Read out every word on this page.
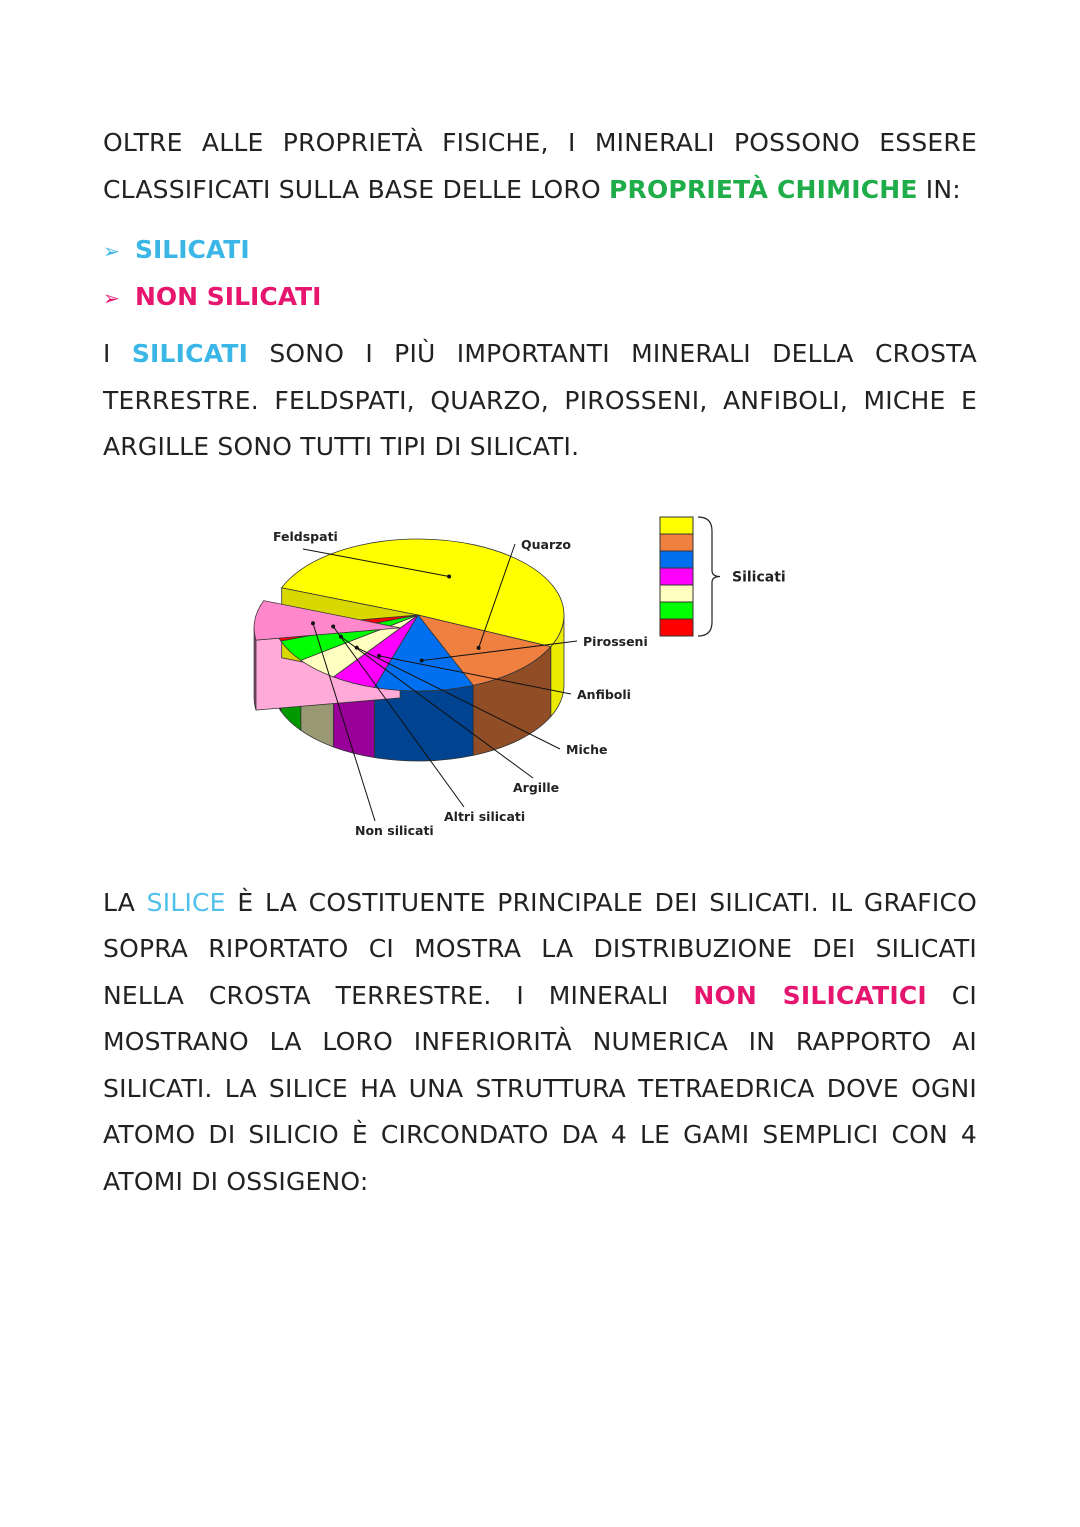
OLTRE ALLE PROPRIETÀ FISICHE, I MINERALI POSSONO ESSERE CLASSIFICATI SULLA BASE DELLE LORO PROPRIETÀ CHIMICHE IN:

➢ SILICATI
➢ NON SILICATI

I SILICATI SONO I PIÙ IMPORTANTI MINERALI DELLA CROSTA TERRESTRE. FELDSPATI, QUARZO, PIROSSENI, ANFIBOLI, MICHE E ARGILLE SONO TUTTI TIPI DI SILICATI.

Feldspati
Quarzo
Pirosseni
Anfiboli
Miche
Argille
Altri silicati
Non silicati
Silicati

LA SILICE È LA COSTITUENTE PRINCIPALE DEI SILICATI. IL GRAFICO SOPRA RIPORTATO CI MOSTRA LA DISTRIBUZIONE DEI SILICATI NELLA CROSTA TERRESTRE. I MINERALI NON SILICATICI CI MOSTRANO LA LORO INFERIORITÀ NUMERICA IN RAPPORTO AI SILICATI. LA SILICE HA UNA STRUTTURA TETRAEDRICA DOVE OGNI ATOMO DI SILICIO È CIRCONDATO DA 4 LE GAMI SEMPLICI CON 4 ATOMI DI OSSIGENO:
